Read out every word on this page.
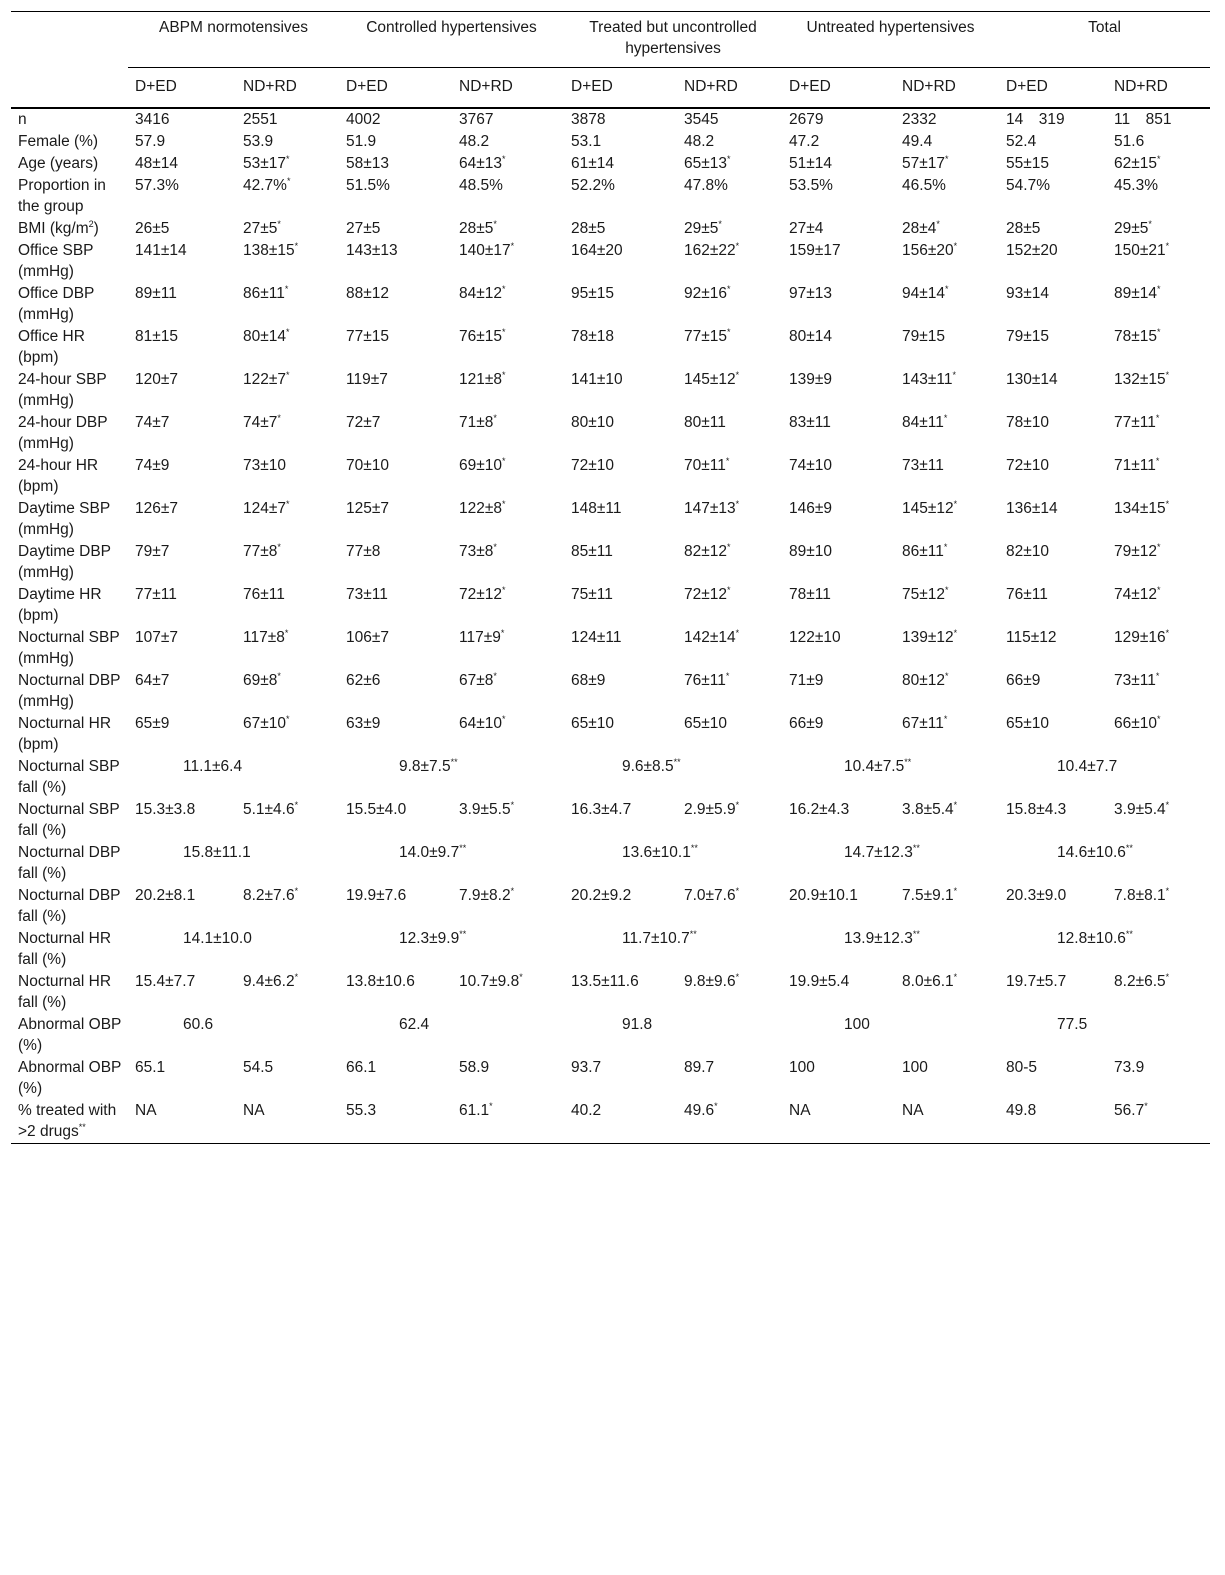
	ABPM normotensives		Controlled hypertensives		Treated but uncontrolled hypertensives		Untreated hypertensives		Total	
	D+ED	ND+RD	D+ED	ND+RD	D+ED	ND+RD	D+ED	ND+RD	D+ED	ND+RD
n	3416	2551	4002	3767	3878	3545	2679	2332	14 319	11 851
Female (%)	57.9	53.9	51.9	48.2	53.1	48.2	47.2	49.4	52.4	51.6
Age (years)	48±14	53±17*	58±13	64±13*	61±14	65±13*	51±14	57±17*	55±15	62±15*
Proportion in the group	57.3%	42.7%*	51.5%	48.5%	52.2%	47.8%	53.5%	46.5%	54.7%	45.3%
BMI $(kg/m^2)$	26±5	27±5*	27±5	28±5*	28±5	29±5*	27±4	28±4*	28±5	29±5*
Office SBP (mmHg)	141±14	138±15*	143±13	140±17*	164±20	162±22*	159±17	156±20*	152±20	150±21*
Office DBP (mmHg)	89±11	86±11*	88±12	84±12*	95±15	92±16*	97±13	94±14*	93±14	89±14*
Office HR (bpm)	81±15	80±14*	77±15	76±15*	78±18	77±15*	80±14	79±15	79±15	78±15*
24-hour SBP (mmHg)	120±7	122±7*	119±7	121±8*	141±10	145±12*	139±9	143±11*	130±14	132±15*
24-hour DBP (mmHg)	74±7	74±7*	72±7	71±8*	80±10	80±11	83±11	84±11*	78±10	77±11*
24-hour HR (bpm)	74±9	73±10	70±10	69±10*	72±10	70±11*	74±10	73±11	72±10	71±11*
Daytime SBP (mmHg)	126±7	124±7*	125±7	122±8*	148±11	147±13*	146±9	145±12*	136±14	134±15*
Daytime DBP (mmHg)	79±7	77±8*	77±8	73±8*	85±11	82±12*	89±10	86±11*	82±10	79±12*
Daytime HR (bpm)	77±11	76±11	73±11	72±12*	75±11	72±12*	78±11	75±12*	76±11	74±12*
Nocturnal SBP (mmHg)	107±7	117±8*	106±7	117±9*	124±11	142±14*	122±10	139±12*	115±12	129±16*
Nocturnal DBP (mmHg)	64±7	69±8*	62±6	67±8*	68±9	76±11*	71±9	80±12*	66±9	73±11*
Nocturnal HR (bpm)	65±9	67±10*	63±9	64±10*	65±10	65±10	66±9	67±11*	65±10	66±10*
Nocturnal SBP fall (%)	11.1±6.4		9.8±7.5**		9.6±8.5**		10.4±7.5**		10.4±7.7	
Nocturnal SBP fall (%)	15.3±3.8	5.1±4.6*	15.5±4.0	3.9±5.5*	16.3±4.7	2.9±5.9*	16.2±4.3	3.8±5.4*	15.8±4.3	3.9±5.4*
Nocturnal DBP fall (%)	15.8±11.1		14.0±9.7**		13.6±10.1**		14.7±12.3**		14.6±10.6**
Nocturnal DBP fall (%)	20.2±8.1	8.2±7.6*	19.9±7.6	7.9±8.2*	20.2±9.2	7.0±7.6*	20.9±10.1	7.5±9.1*	20.3±9.0	7.8±8.1*
Nocturnal HR fall (%)	14.1±10.0		12.3±9.9**		11.7±10.7**		13.9±12.3**		12.8±10.6**
Nocturnal HR fall (%)	15.4±7.7	9.4±6.2*	13.8±10.6	10.7±9.8*	13.5±11.6	9.8±9.6*	19.9±5.4	8.0±6.1*	19.7±5.7	8.2±6.5*
Abnormal OBP (%)	60.6		62.4		91.8		100		77.5	
Abnormal OBP (%)	65.1	54.5	66.1	58.9	93.7	89.7	100	100	80-5	73.9
% treated with >2 drugs**	NA	NA	55.3	61.1*	40.2	49.6*	NA	NA	49.8	56.7*
